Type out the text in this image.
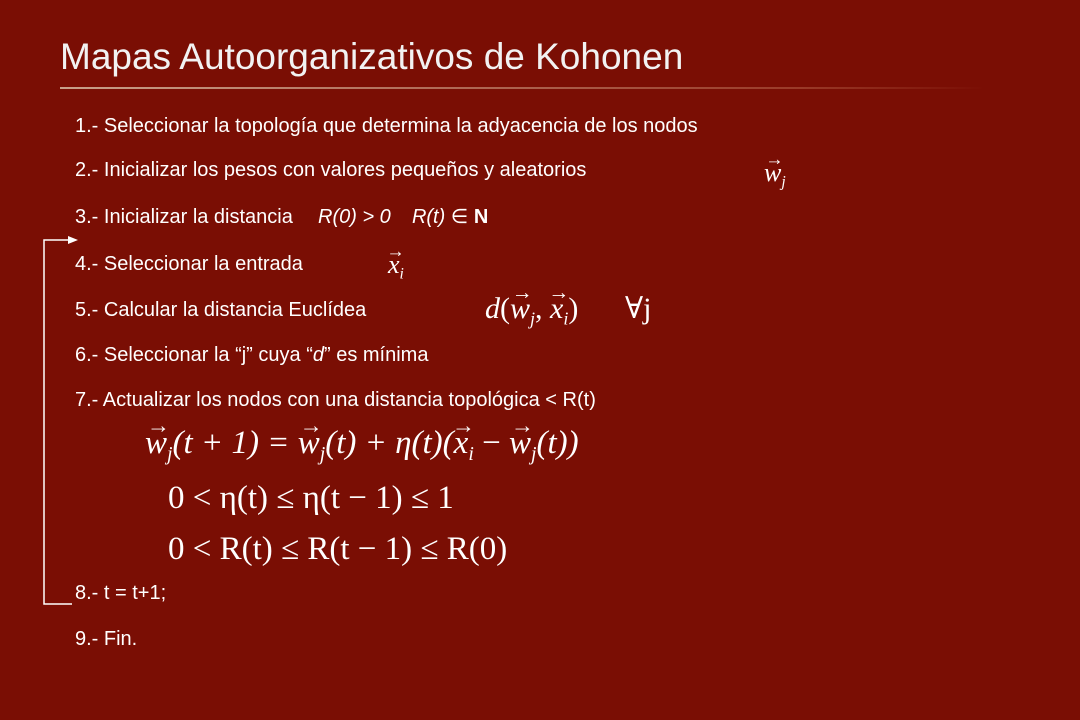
Mapas Autoorganizativos de Kohonen
1.- Seleccionar la topología que determina la adyacencia de los nodos
2.- Inicializar los pesos con valores pequeños y aleatorios	→ $w_j$
3.- Inicializar la distancia R(0) > 0 R(t) ∈ N
4.- Seleccionar la entrada	→ $x_i$
5.- Calcular la distancia Euclídea	$d(\to w_j$, → $x_i$) ∀j
6.- Seleccionar la “j” cuya “d” es mínima
7.- Actualizar los nodos con una distancia topológica < R(t)
→ $w_j(t + 1)$ = → $w_j(t) + \eta(t)(\to x_i$ − → $w_j(t)$)
0 < η(t) ≤ η(t − 1) ≤ 1
0 < R(t) ≤ R(t − 1) ≤ R(0)
8.- t = t+1;
9.- Fin.
